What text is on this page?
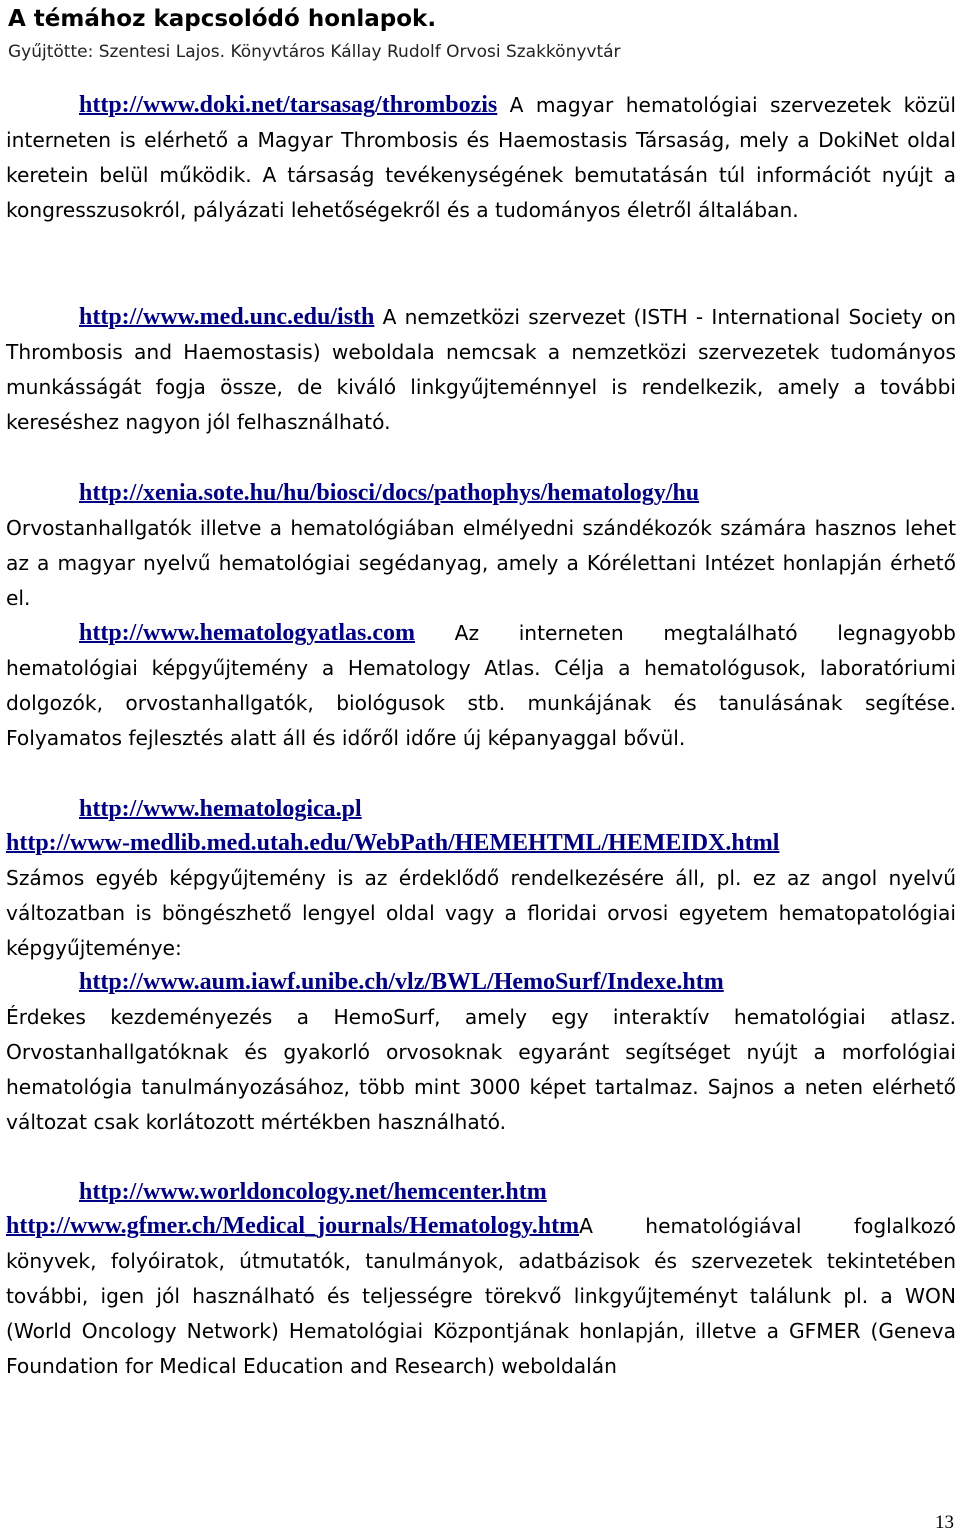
A témához kapcsolódó honlapok.

Gyűjtötte: Szentesi Lajos. Könyvtáros Kállay Rudolf Orvosi Szakkönyvtár

http://www.doki.net/tarsasag/thrombozis A magyar hematológiai szervezetek közül interneten is elérhető a Magyar Thrombosis és Haemostasis Társaság, mely a DokiNet oldal keretein belül működik. A társaság tevékenységének bemutatásán túl információt nyújt a kongresszusokról, pályázati lehetőségekről és a tudományos életről általában.

http://www.med.unc.edu/isth A nemzetközi szervezet (ISTH - International Society on Thrombosis and Haemostasis) weboldala nemcsak a nemzetközi szervezetek tudományos munkásságát fogja össze, de kiváló linkgyűjteménnyel is rendelkezik, amely a további kereséshez nagyon jól felhasználható.

http://xenia.sote.hu/hu/biosci/docs/pathophys/hematology/hu

Orvostanhallgatók illetve a hematológiában elmélyedni szándékozók számára hasznos lehet az a magyar nyelvű hematológiai segédanyag, amely a Kórélettani Intézet honlapján érhető el.

http://www.hematologyatlas.com Az interneten megtalálható legnagyobb hematológiai képgyűjtemény a Hematology Atlas. Célja a hematológusok, laboratóriumi dolgozók, orvostanhallgatók, biológusok stb. munkájának és tanulásának segítése. Folyamatos fejlesztés alatt áll és időről időre új képanyaggal bővül.

http://www.hematologica.pl

http://www-medlib.med.utah.edu/WebPath/HEMEHTML/HEMEIDX.html

Számos egyéb képgyűjtemény is az érdeklődő rendelkezésére áll, pl. ez az angol nyelvű változatban is böngészhető lengyel oldal vagy a floridai orvosi egyetem hematopatológiai képgyűjteménye:

http://www.aum.iawf.unibe.ch/vlz/BWL/HemoSurf/Indexe.htm

Érdekes kezdeményezés a HemoSurf, amely egy interaktív hematológiai atlasz. Orvostanhallgatóknak és gyakorló orvosoknak egyaránt segítséget nyújt a morfológiai hematológia tanulmányozásához, több mint 3000 képet tartalmaz. Sajnos a neten elérhető változat csak korlátozott mértékben használható.

http://www.worldoncology.net/hemcenter.htm

http://www.gfmer.ch/Medical_journals/Hematology.htmA hematológiával foglalkozó könyvek, folyóiratok, útmutatók, tanulmányok, adatbázisok és szervezetek tekintetében további, igen jól használható és teljességre törekvő linkgyűjteményt találunk pl. a WON (World Oncology Network) Hematológiai Központjának honlapján, illetve a GFMER (Geneva Foundation for Medical Education and Research) weboldalán

13
